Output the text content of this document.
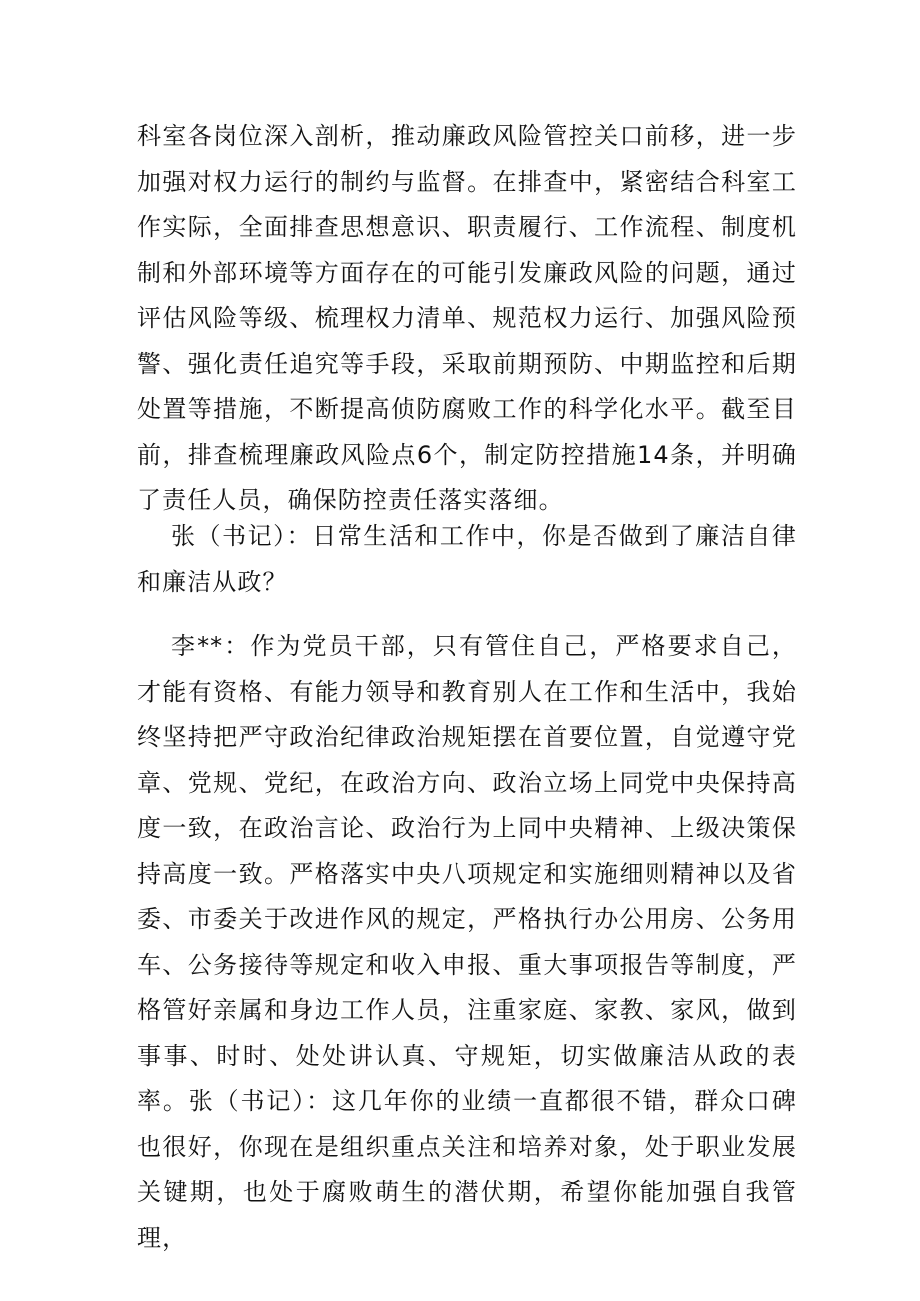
科室各岗位深入剖析，推动廉政风险管控关口前移，进一步加强对权力运行的制约与监督。在排查中，紧密结合科室工作实际，全面排查思想意识、职责履行、工作流程、制度机制和外部环境等方面存在的可能引发廉政风险的问题，通过评估风险等级、梳理权力清单、规范权力运行、加强风险预警、强化责任追究等手段，采取前期预防、中期监控和后期处置等措施，不断提高侦防腐败工作的科学化水平。截至目前，排查梳理廉政风险点6个，制定防控措施14条，并明确了责任人员，确保防控责任落实落细。

张（书记）：日常生活和工作中，你是否做到了廉洁自律和廉洁从政？

李**：作为党员干部，只有管住自己，严格要求自己，才能有资格、有能力领导和教育别人在工作和生活中，我始终坚持把严守政治纪律政治规矩摆在首要位置，自觉遵守党章、党规、党纪，在政治方向、政治立场上同党中央保持高度一致，在政治言论、政治行为上同中央精神、上级决策保持高度一致。严格落实中央八项规定和实施细则精神以及省委、市委关于改进作风的规定，严格执行办公用房、公务用车、公务接待等规定和收入申报、重大事项报告等制度，严格管好亲属和身边工作人员，注重家庭、家教、家风，做到事事、时时、处处讲认真、守规矩，切实做廉洁从政的表率。张（书记）：这几年你的业绩一直都很不错，群众口碑也很好，你现在是组织重点关注和培养对象，处于职业发展关键期，也处于腐败萌生的潜伏期，希望你能加强自我管理，
